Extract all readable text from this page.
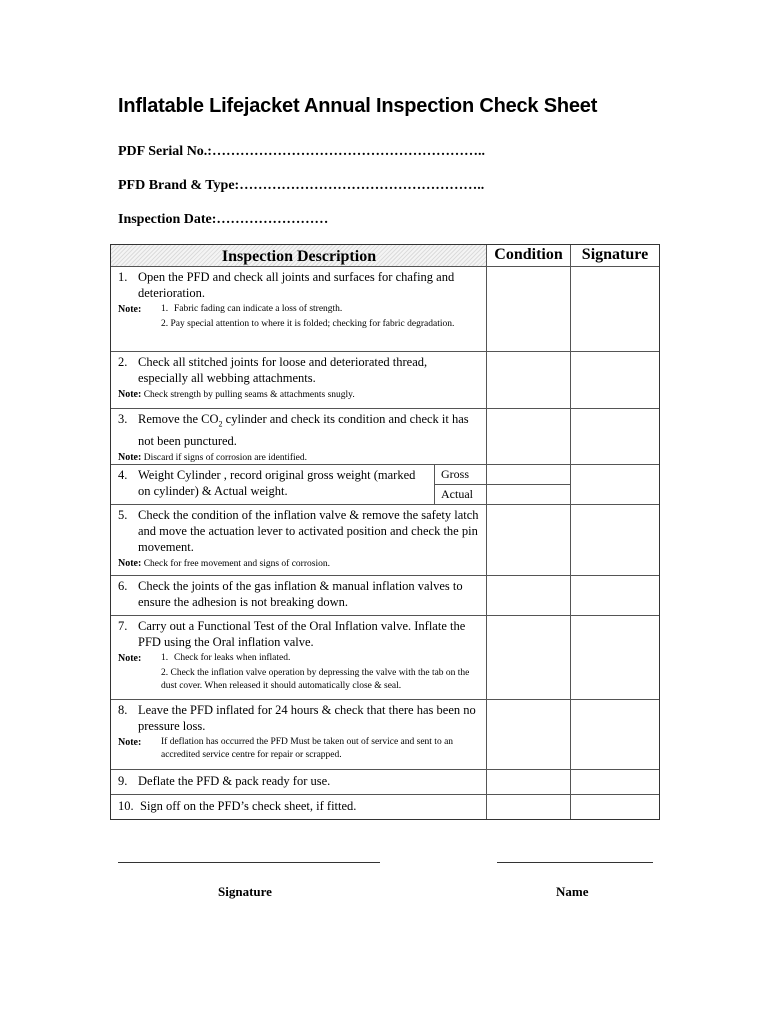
Inflatable Lifejacket Annual Inspection Check Sheet
PDF Serial No.:…………………………………………………..
PFD Brand & Type:……………………………………………..
Inspection Date:……………………
Inspection Description	Condition	Signature
1. Open the PFD and check all joints and surfaces for chafing and deterioration.
Note:	1. Fabric fading can indicate a loss of strength.
2. Pay special attention to where it is folded; checking for fabric degradation.
2. Check all stitched joints for loose and deteriorated thread, especially all webbing attachments.
Note: Check strength by pulling seams & attachments snugly.
3. Remove the $CO_2$ cylinder and check its condition and check it has not been punctured.
Note: Discard if signs of corrosion are identified.
4. Weight Cylinder , record original gross weight (marked on cylinder) & Actual weight.
Gross
Actual
5. Check the condition of the inflation valve & remove the safety latch and move the actuation lever to activated position and check the pin movement.
Note: Check for free movement and signs of corrosion.
6. Check the joints of the gas inflation & manual inflation valves to ensure the adhesion is not breaking down.
7. Carry out a Functional Test of the Oral Inflation valve. Inflate the PFD using the Oral inflation valve.
Note:	1. Check for leaks when inflated.
2. Check the inflation valve operation by depressing the valve with the tab on the dust cover. When released it should automatically close & seal.
8. Leave the PFD inflated for 24 hours & check that there has been no pressure loss.
Note:	If deflation has occurred the PFD Must be taken out of service and sent to an accredited service centre for repair or scrapped.
9. Deflate the PFD & pack ready for use.
10. Sign off on the PFD’s check sheet, if fitted.
Signature	Name
